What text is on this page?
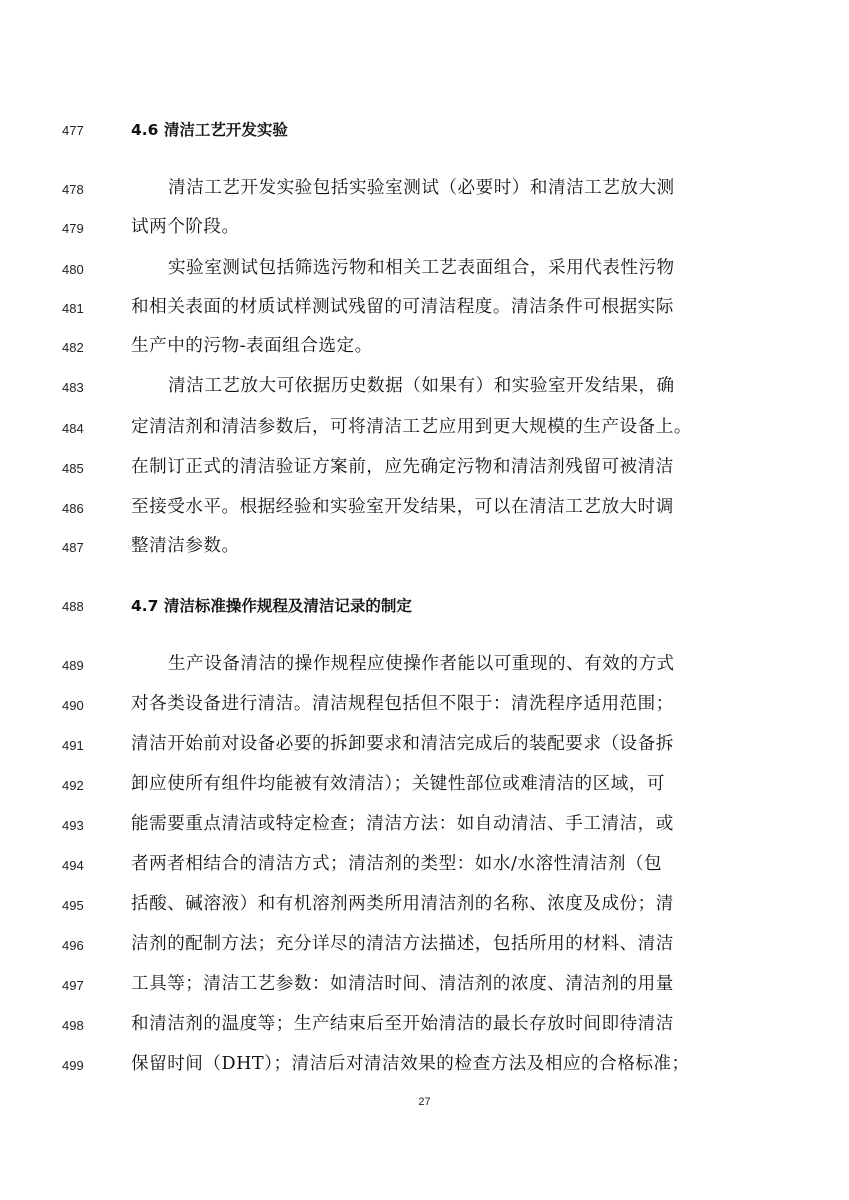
477	4.6 清洁工艺开发实验
478	清洁工艺开发实验包括实验室测试（必要时）和清洁工艺放大测
479	试两个阶段。
480	实验室测试包括筛选污物和相关工艺表面组合，采用代表性污物
481	和相关表面的材质试样测试残留的可清洁程度。清洁条件可根据实际
482	生产中的污物-表面组合选定。
483	清洁工艺放大可依据历史数据（如果有）和实验室开发结果，确
484	定清洁剂和清洁参数后，可将清洁工艺应用到更大规模的生产设备上。
485	在制订正式的清洁验证方案前，应先确定污物和清洁剂残留可被清洁
486	至接受水平。根据经验和实验室开发结果，可以在清洁工艺放大时调
487	整清洁参数。
488	4.7 清洁标准操作规程及清洁记录的制定
489	生产设备清洁的操作规程应使操作者能以可重现的、有效的方式
490	对各类设备进行清洁。清洁规程包括但不限于：清洗程序适用范围；
491	清洁开始前对设备必要的拆卸要求和清洁完成后的装配要求（设备拆
492	卸应使所有组件均能被有效清洁）；关键性部位或难清洁的区域，可
493	能需要重点清洁或特定检查；清洁方法：如自动清洁、手工清洁，或
494	者两者相结合的清洁方式；清洁剂的类型：如水/水溶性清洁剂（包
495	括酸、碱溶液）和有机溶剂两类所用清洁剂的名称、浓度及成份；清
496	洁剂的配制方法；充分详尽的清洁方法描述，包括所用的材料、清洁
497	工具等；清洁工艺参数：如清洁时间、清洁剂的浓度、清洁剂的用量
498	和清洁剂的温度等；生产结束后至开始清洁的最长存放时间即待清洁
499	保留时间（DHT）；清洁后对清洁效果的检查方法及相应的合格标准；
27
